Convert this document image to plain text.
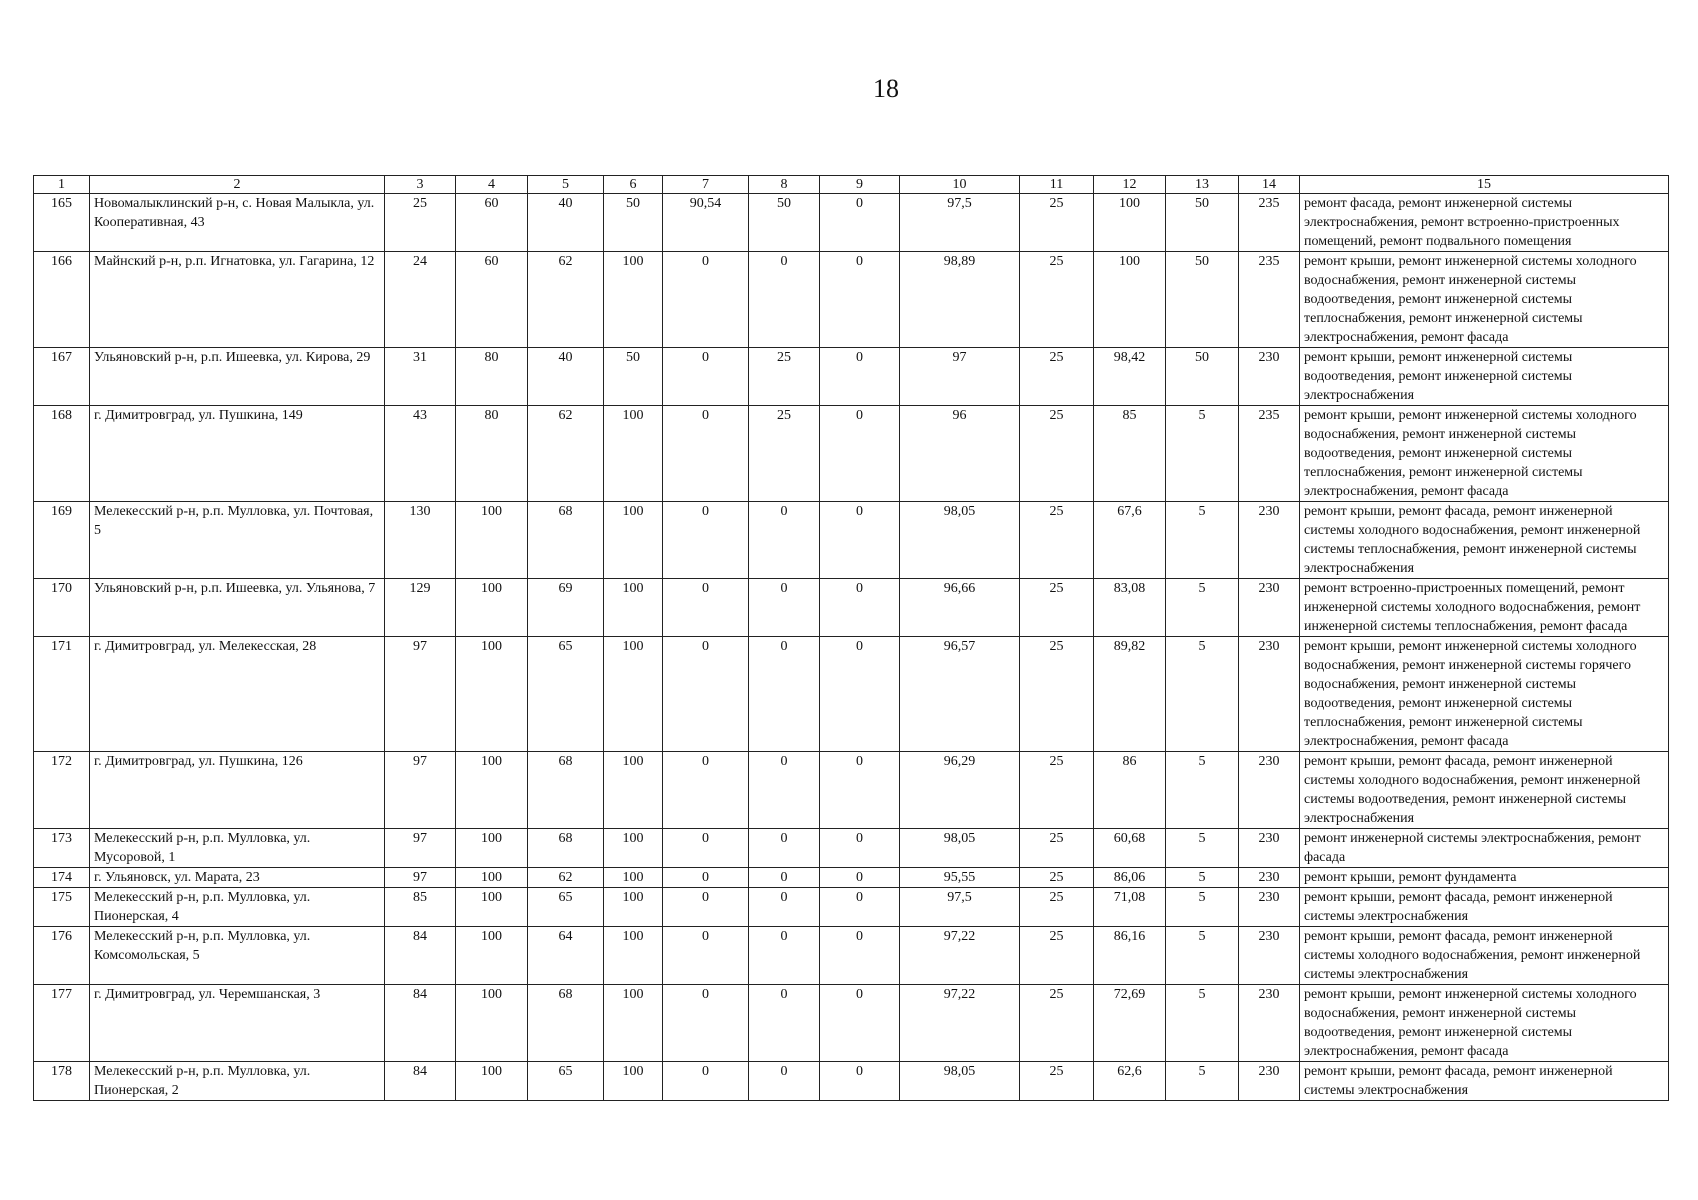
18
1	2	3	4	5	6	7	8	9	10	11	12	13	14	15
165	Новомалыклинский р-н, с. Новая Малыкла, ул. Кооперативная, 43	25	60	40	50	90,54	50	0	97,5	25	100	50	235	ремонт фасада, ремонт инженерной системы электроснабжения, ремонт встроенно-пристроенных помещений, ремонт подвального помещения
166	Майнский р-н, р.п. Игнатовка, ул. Гагарина, 12	24	60	62	100	0	0	0	98,89	25	100	50	235	ремонт крыши, ремонт инженерной системы холодного водоснабжения, ремонт инженерной системы водоотведения, ремонт инженерной системы теплоснабжения, ремонт инженерной системы электроснабжения, ремонт фасада
167	Ульяновский р-н, р.п. Ишеевка, ул. Кирова, 29	31	80	40	50	0	25	0	97	25	98,42	50	230	ремонт крыши, ремонт инженерной системы водоотведения, ремонт инженерной системы электроснабжения
168	г. Димитровград, ул. Пушкина, 149	43	80	62	100	0	25	0	96	25	85	5	235	ремонт крыши, ремонт инженерной системы холодного водоснабжения, ремонт инженерной системы водоотведения, ремонт инженерной системы теплоснабжения, ремонт инженерной системы электроснабжения, ремонт фасада
169	Мелекесский р-н, р.п. Мулловка, ул. Почтовая, 5	130	100	68	100	0	0	0	98,05	25	67,6	5	230	ремонт крыши, ремонт фасада, ремонт инженерной системы холодного водоснабжения, ремонт инженерной системы теплоснабжения, ремонт инженерной системы электроснабжения
170	Ульяновский р-н, р.п. Ишеевка, ул. Ульянова, 7	129	100	69	100	0	0	0	96,66	25	83,08	5	230	ремонт встроенно-пристроенных помещений, ремонт инженерной системы холодного водоснабжения, ремонт инженерной системы теплоснабжения, ремонт фасада
171	г. Димитровград, ул. Мелекесская, 28	97	100	65	100	0	0	0	96,57	25	89,82	5	230	ремонт крыши, ремонт инженерной системы холодного водоснабжения, ремонт инженерной системы горячего водоснабжения, ремонт инженерной системы водоотведения, ремонт инженерной системы теплоснабжения, ремонт инженерной системы электроснабжения, ремонт фасада
172	г. Димитровград, ул. Пушкина, 126	97	100	68	100	0	0	0	96,29	25	86	5	230	ремонт крыши, ремонт фасада, ремонт инженерной системы холодного водоснабжения, ремонт инженерной системы водоотведения, ремонт инженерной системы электроснабжения
173	Мелекесский р-н, р.п. Мулловка, ул. Мусоровой, 1	97	100	68	100	0	0	0	98,05	25	60,68	5	230	ремонт инженерной системы электроснабжения, ремонт фасада
174	г. Ульяновск, ул. Марата, 23	97	100	62	100	0	0	0	95,55	25	86,06	5	230	ремонт крыши, ремонт фундамента
175	Мелекесский р-н, р.п. Мулловка, ул. Пионерская, 4	85	100	65	100	0	0	0	97,5	25	71,08	5	230	ремонт крыши, ремонт фасада, ремонт инженерной системы электроснабжения
176	Мелекесский р-н, р.п. Мулловка, ул. Комсомольская, 5	84	100	64	100	0	0	0	97,22	25	86,16	5	230	ремонт крыши, ремонт фасада, ремонт инженерной системы холодного водоснабжения, ремонт инженерной системы электроснабжения
177	г. Димитровград, ул. Черемшанская, 3	84	100	68	100	0	0	0	97,22	25	72,69	5	230	ремонт крыши, ремонт инженерной системы холодного водоснабжения, ремонт инженерной системы водоотведения, ремонт инженерной системы электроснабжения, ремонт фасада
178	Мелекесский р-н, р.п. Мулловка, ул. Пионерская, 2	84	100	65	100	0	0	0	98,05	25	62,6	5	230	ремонт крыши, ремонт фасада, ремонт инженерной системы электроснабжения
